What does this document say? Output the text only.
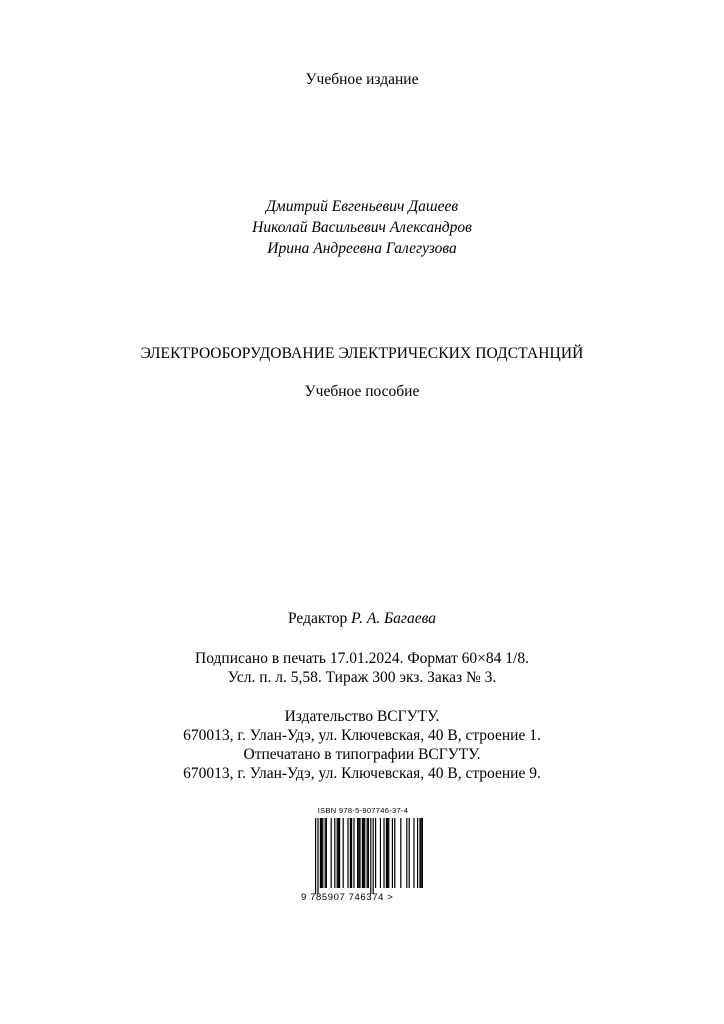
Учебное издание
Дмитрий Евгеньевич Дашеев
Николай Васильевич Александров
Ирина Андреевна Галегузова
ЭЛЕКТРООБОРУДОВАНИЕ ЭЛЕКТРИЧЕСКИХ ПОДСТАНЦИЙ
Учебное пособие
Редактор Р. А. Багаева
Подписано в печать 17.01.2024. Формат 60×84 1/8.
Усл. п. л. 5,58. Тираж 300 экз. Заказ № 3.
Издательство ВСГУТУ.
670013, г. Улан-Удэ, ул. Ключевская, 40 В, строение 1.
Отпечатано в типографии ВСГУТУ.
670013, г. Улан-Удэ, ул. Ключевская, 40 В, строение 9.
ISBN 978-5-907746-37-4
9 785907 746374 >
